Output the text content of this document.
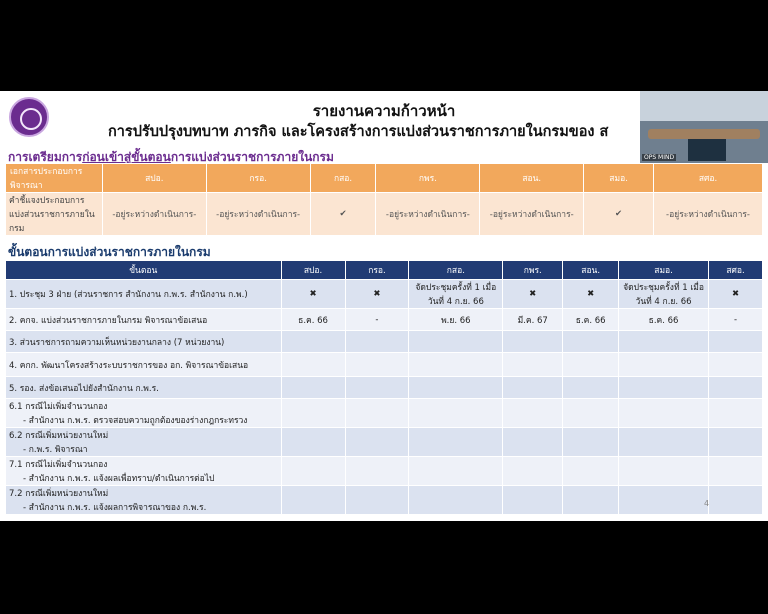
รายงานความก้าวหน้า
การปรับปรุงบทบาท ภารกิจ และโครงสร้างการแบ่งส่วนราชการภายในกรมของ ส
OPS MIND
การเตรียมการก่อนเข้าสู่ขั้นตอนการแบ่งส่วนราชการภายในกรม
เอกสารประกอบการพิจารณา	สปอ.	กรอ.	กสอ.	กพร.	สอน.	สมอ.	สศอ.
คำชี้แจงประกอบการแบ่งส่วนราชการภายในกรม	-อยู่ระหว่างดำเนินการ-	-อยู่ระหว่างดำเนินการ-	✔	-อยู่ระหว่างดำเนินการ-	-อยู่ระหว่างดำเนินการ-	✔	-อยู่ระหว่างดำเนินการ-
ขั้นตอนการแบ่งส่วนราชการภายในกรม
ขั้นตอน	สปอ.	กรอ.	กสอ.	กพร.	สอน.	สมอ.	สศอ.

1. ประชุม 3 ฝ่าย (ส่วนราชการ สำนักงาน ก.พ.ร. สำนักงาน ก.พ.)	✖	✖	จัดประชุมครั้งที่ 1 เมื่อวันที่ 4 ก.ย. 66	✖	✖	จัดประชุมครั้งที่ 1 เมื่อวันที่ 4 ก.ย. 66	✖

2. คกจ. แบ่งส่วนราชการภายในกรม พิจารณาข้อเสนอ	ธ.ค. 66	-	พ.ย. 66	มี.ค. 67	ธ.ค. 66	ธ.ค. 66	-

3. ส่วนราชการถามความเห็นหน่วยงานกลาง (7 หน่วยงาน)							

4. คกก. พัฒนาโครงสร้างระบบราชการของ อก. พิจารณาข้อเสนอ							

5. รอง. ส่งข้อเสนอไปยังสำนักงาน ก.พ.ร.							

6.1 กรณีไม่เพิ่มจำนวนกอง
- สำนักงาน ก.พ.ร. ตรวจสอบความถูกต้องของร่างกฎกระทรวง							

6.2 กรณีเพิ่มหน่วยงานใหม่
- ก.พ.ร. พิจารณา							

7.1 กรณีไม่เพิ่มจำนวนกอง
- สำนักงาน ก.พ.ร. แจ้งผลเพื่อทราบ/ดำเนินการต่อไป							

7.2 กรณีเพิ่มหน่วยงานใหม่
- สำนักงาน ก.พ.ร. แจ้งผลการพิจารณาของ ก.พ.ร.							
								4
